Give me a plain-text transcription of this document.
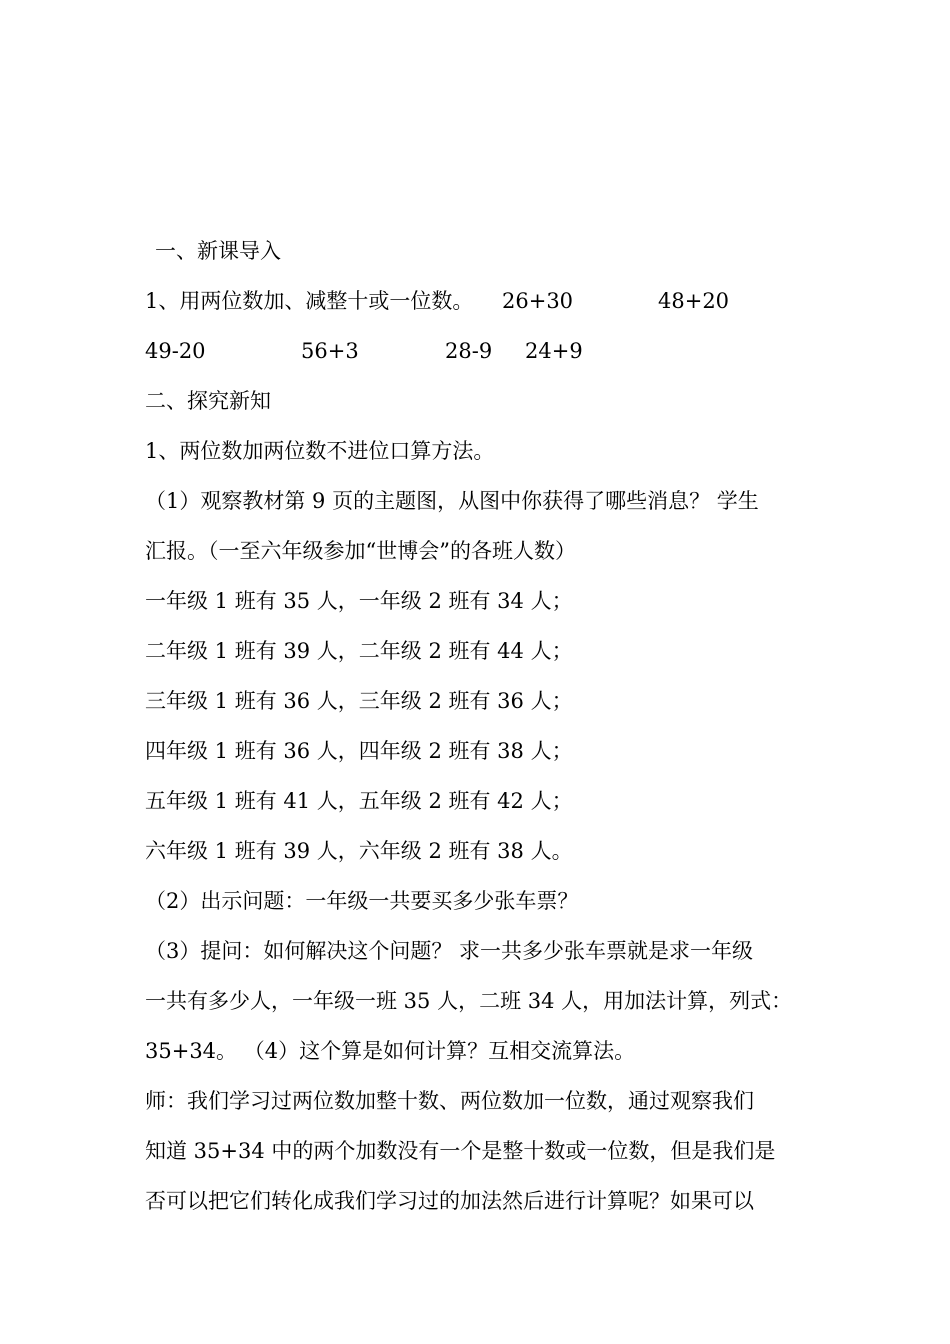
一、新课导入
1、用两位数加、减整十或一位数。 26+30	48+20
49-20	56+3	28-9 24+9
二、探究新知
1、两位数加两位数不进位口算方法。
（1）观察教材第 9 页的主题图，从图中你获得了哪些消息？ 学生
汇报。（一至六年级参加“世博会”的各班人数）
一年级 1 班有 35 人，一年级 2 班有 34 人；
二年级 1 班有 39 人，二年级 2 班有 44 人；
三年级 1 班有 36 人，三年级 2 班有 36 人；
四年级 1 班有 36 人，四年级 2 班有 38 人；
五年级 1 班有 41 人，五年级 2 班有 42 人；
六年级 1 班有 39 人，六年级 2 班有 38 人。
（2）出示问题：一年级一共要买多少张车票？
（3）提问：如何解决这个问题？ 求一共多少张车票就是求一年级
一共有多少人，一年级一班 35 人，二班 34 人，用加法计算，列式：
35+34。 （4）这个算是如何计算？互相交流算法。
师：我们学习过两位数加整十数、两位数加一位数，通过观察我们
知道 35+34 中的两个加数没有一个是整十数或一位数，但是我们是
否可以把它们转化成我们学习过的加法然后进行计算呢？如果可以
